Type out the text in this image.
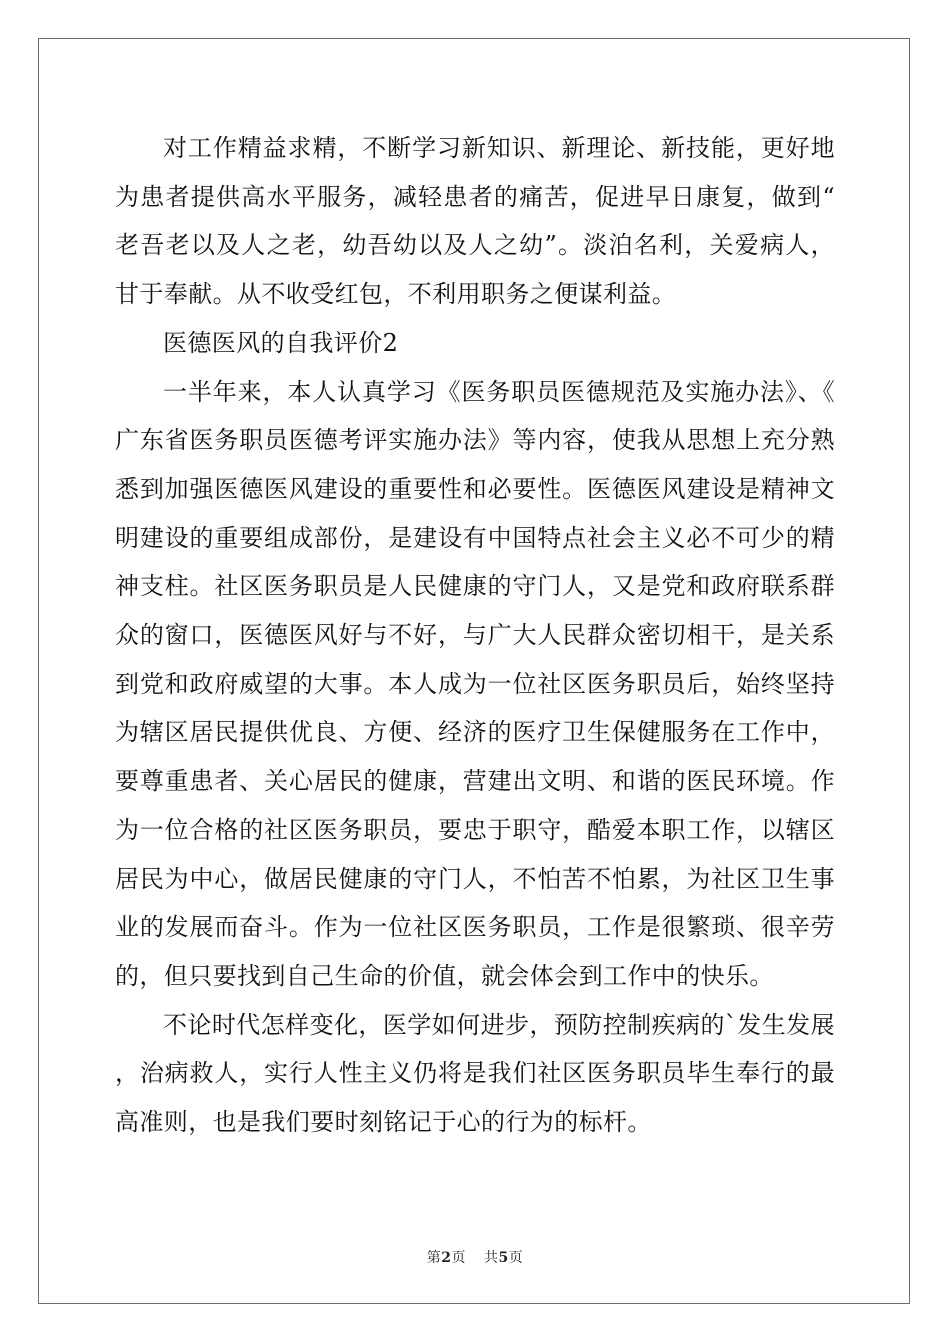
对工作精益求精，不断学习新知识、新理论、新技能，更好地为患者提供高水平服务，减轻患者的痛苦，促进早日康复，做到“老吾老以及人之老，幼吾幼以及人之幼”。淡泊名利，关爱病人，甘于奉献。从不收受红包，不利用职务之便谋利益。

医德医风的自我评价2

一半年来，本人认真学习《医务职员医德规范及实施办法》、《广东省医务职员医德考评实施办法》等内容，使我从思想上充分熟悉到加强医德医风建设的重要性和必要性。医德医风建设是精神文明建设的重要组成部份，是建设有中国特点社会主义必不可少的精神支柱。社区医务职员是人民健康的守门人，又是党和政府联系群众的窗口，医德医风好与不好，与广大人民群众密切相干，是关系到党和政府威望的大事。本人成为一位社区医务职员后，始终坚持为辖区居民提供优良、方便、经济的医疗卫生保健服务在工作中，要尊重患者、关心居民的健康，营建出文明、和谐的医民环境。作为一位合格的社区医务职员，要忠于职守，酷爱本职工作，以辖区居民为中心，做居民健康的守门人，不怕苦不怕累，为社区卫生事业的发展而奋斗。作为一位社区医务职员，工作是很繁琐、很辛劳的，但只要找到自己生命的价值，就会体会到工作中的快乐。

不论时代怎样变化，医学如何进步，预防控制疾病的`发生发展，治病救人，实行人性主义仍将是我们社区医务职员毕生奉行的最高准则，也是我们要时刻铭记于心的行为的标杆。

第2页 共5页
